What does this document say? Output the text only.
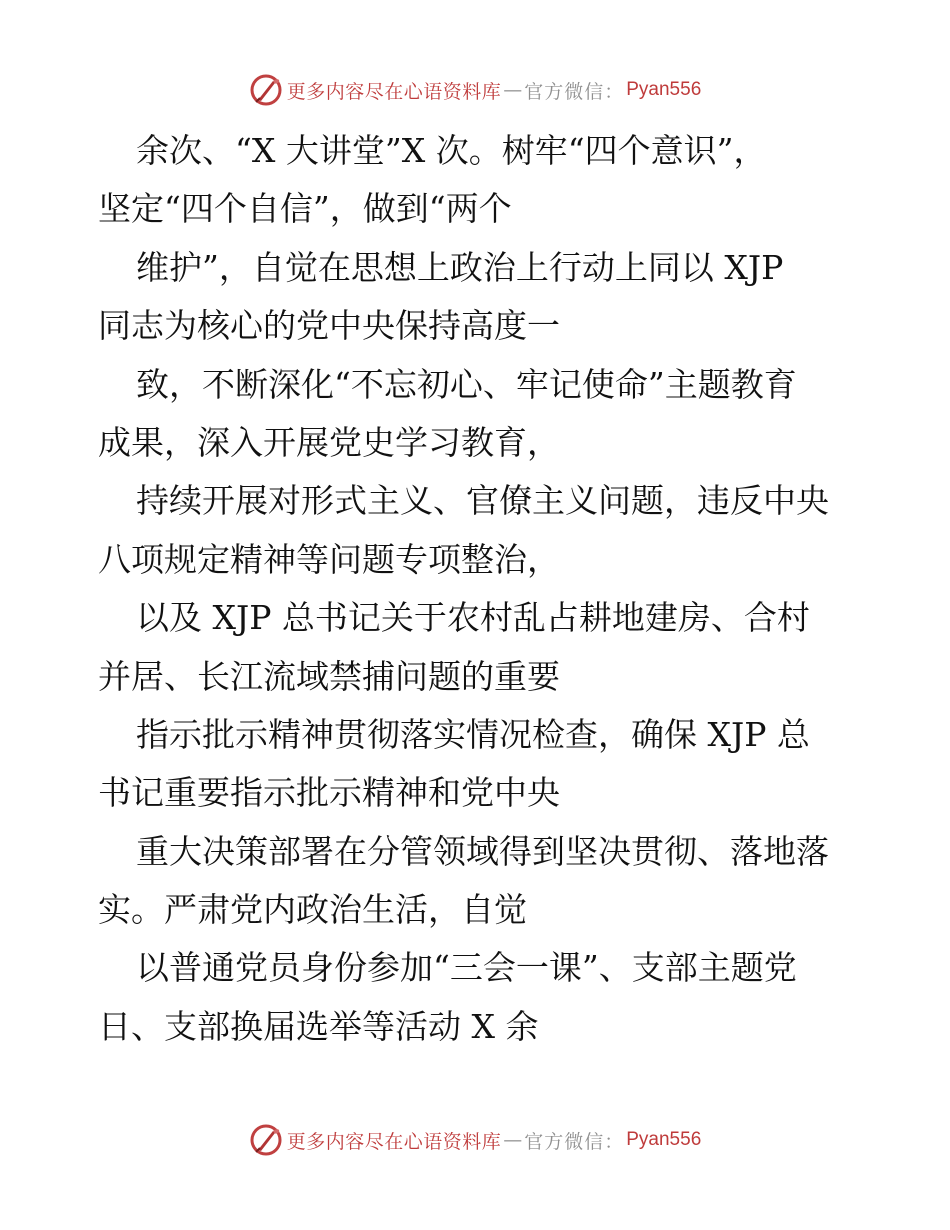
更多内容尽在心语资料库 — 官方微信： Pyan556
余次、“X 大讲堂”X 次。树牢“四个意识”，
坚定“四个自信”，做到“两个
维护”，自觉在思想上政治上行动上同以 XJP
同志为核心的党中央保持高度一
致，不断深化“不忘初心、牢记使命”主题教育
成果，深入开展党史学习教育，
持续开展对形式主义、官僚主义问题，违反中央
八项规定精神等问题专项整治，
以及 XJP 总书记关于农村乱占耕地建房、合村
并居、长江流域禁捕问题的重要
指示批示精神贯彻落实情况检查，确保 XJP 总
书记重要指示批示精神和党中央
重大决策部署在分管领域得到坚决贯彻、落地落
实。严肃党内政治生活，自觉
以普通党员身份参加“三会一课”、支部主题党
日、支部换届选举等活动 X 余
更多内容尽在心语资料库 — 官方微信： Pyan556
